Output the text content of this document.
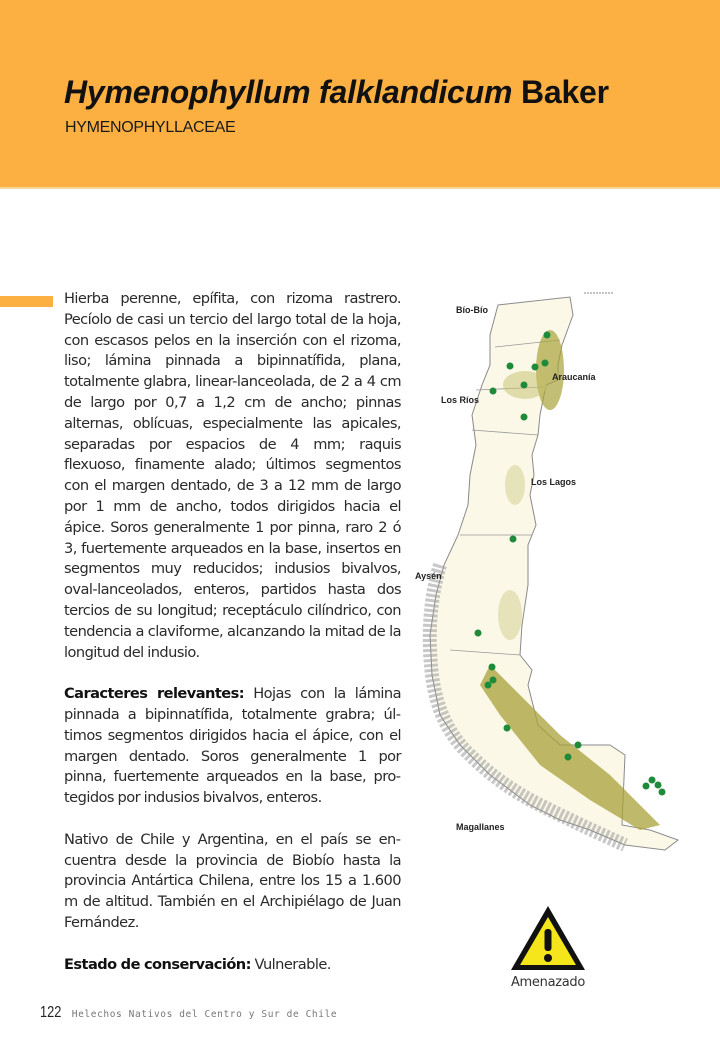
Hymenophyllum falklandicum Baker
HYMENOPHYLLACEAE

Hierba perenne, epífita, con rizoma rastrero. Pecíolo de casi un tercio del largo total de la hoja, con escasos pelos en la inserción con el rizoma, liso; lámina pinnada a bipinnatífida, plana, totalmente glabra, linear-lanceolada, de 2 a 4 cm de largo por 0,7 a 1,2 cm de ancho; pinnas alternas, oblícuas, especialmente las apicales, separadas por espacios de 4 mm; raquis flexuoso, finamente alado; últimos segmentos con el margen dentado, de 3 a 12 mm de largo por 1 mm de ancho, todos dirigidos hacia el ápice. Soros generalmente 1 por pinna, raro 2 ó 3, fuertemente arqueados en la base, insertos en segmentos muy reducidos; indusios bivalvos, oval-lanceolados, enteros, partidos hasta dos tercios de su longitud; receptáculo cilíndrico, con tendencia a claviforme, alcanzando la mitad de la longitud del indusio.

Caracteres relevantes: Hojas con la lámina pinnada a bipinnatífida, totalmente grabra; últimos segmentos dirigidos hacia el ápice, con el margen dentado. Soros generalmente 1 por pinna, fuertemente arqueados en la base, protegidos por indusios bivalvos, enteros.

Nativo de Chile y Argentina, en el país se encuentra desde la provincia de Biobío hasta la provincia Antártica Chilena, entre los 15 a 1.600 m de altitud. También en el Archipiélago de Juan Fernández.

Estado de conservación: Vulnerable.

Bío-Bío
Araucanía
Los Ríos
Los Lagos
Aysén
Magallanes
Amenazado
122 Helechos Nativos del Centro y Sur de Chile
